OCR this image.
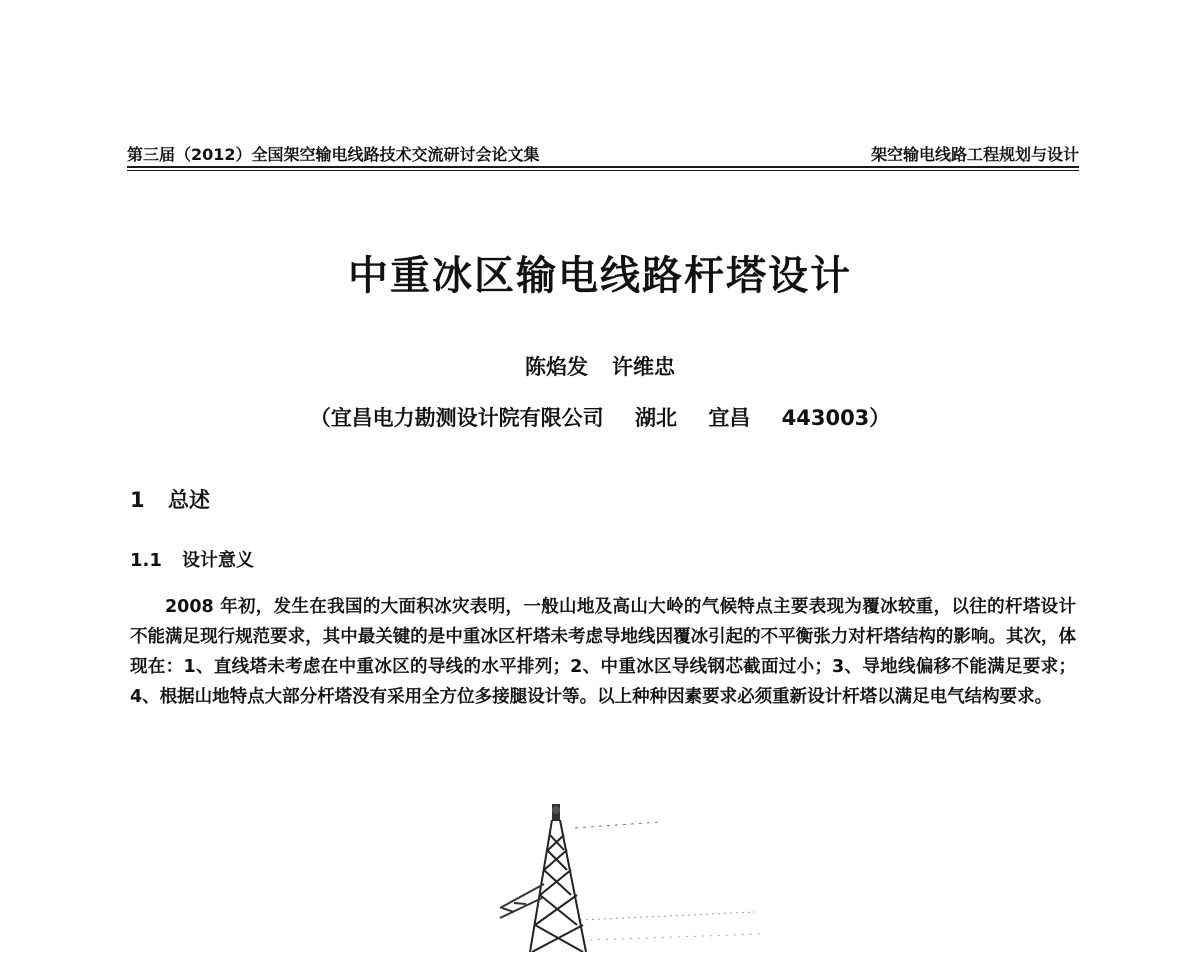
第三届（2012）全国架空输电线路技术交流研讨会论文集	架空输电线路工程规划与设计
中重冰区输电线路杆塔设计
陈焰发 许维忠
（宜昌电力勘测设计院有限公司 湖北 宜昌 443003）
1 总述
1.1 设计意义

2008 年初，发生在我国的大面积冰灾表明，一般山地及高山大岭的气候特点主要表现为覆冰较重，以往的杆塔设计不能满足现行规范要求，其中最关键的是中重冰区杆塔未考虑导地线因覆冰引起的不平衡张力对杆塔结构的影响。其次，体现在：1、直线塔未考虑在中重冰区的导线的水平排列；2、中重冰区导线钢芯截面过小；3、导地线偏移不能满足要求；4、根据山地特点大部分杆塔没有采用全方位多接腿设计等。以上种种因素要求必须重新设计杆塔以满足电气结构要求。
